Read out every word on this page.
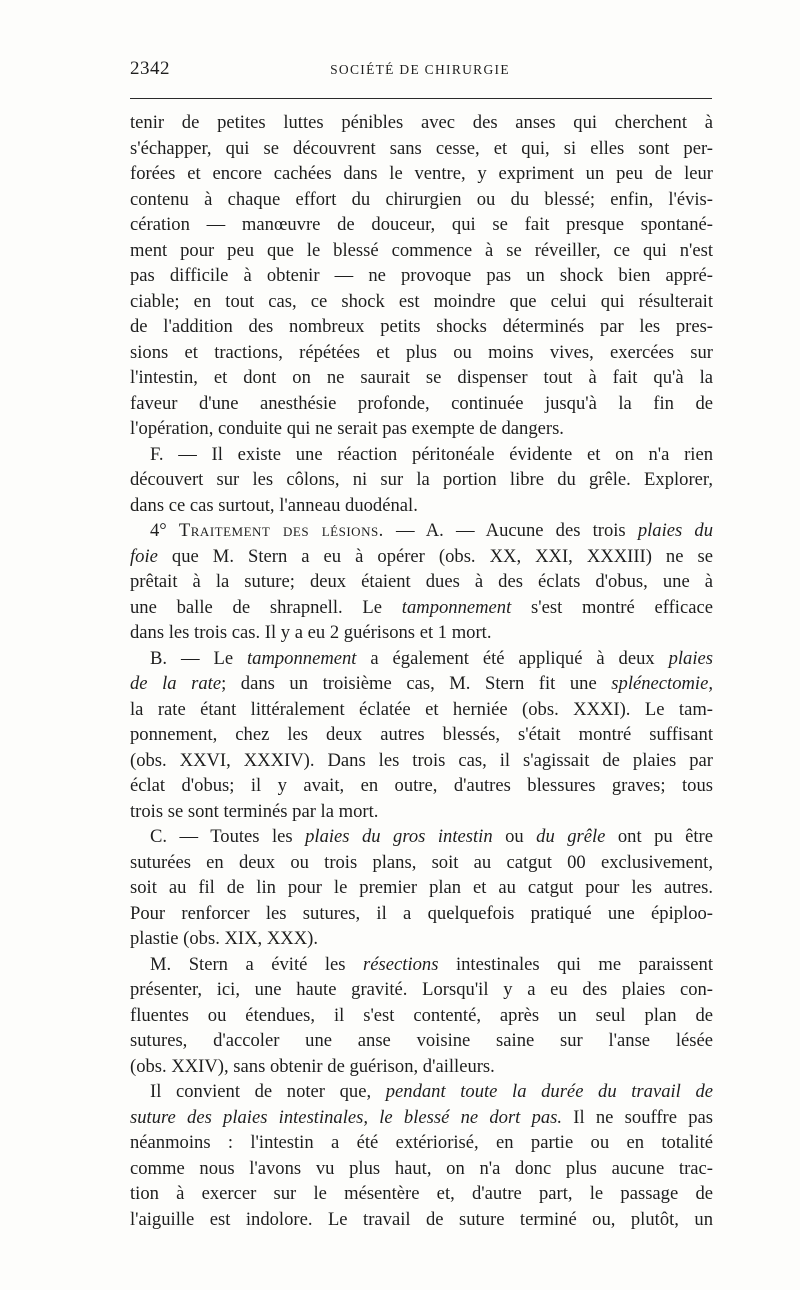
2342	SOCIÉTÉ DE CHIRURGIE
tenir de petites luttes pénibles avec des anses qui cherchent à
s'échapper, qui se découvrent sans cesse, et qui, si elles sont per-
forées et encore cachées dans le ventre, y expriment un peu de leur
contenu à chaque effort du chirurgien ou du blessé; enfin, l'évis-
cération — manœuvre de douceur, qui se fait presque spontané-
ment pour peu que le blessé commence à se réveiller, ce qui n'est
pas difficile à obtenir — ne provoque pas un shock bien appré-
ciable; en tout cas, ce shock est moindre que celui qui résulterait
de l'addition des nombreux petits shocks déterminés par les pres-
sions et tractions, répétées et plus ou moins vives, exercées sur
l'intestin, et dont on ne saurait se dispenser tout à fait qu'à la
faveur d'une anesthésie profonde, continuée jusqu'à la fin de
l'opération, conduite qui ne serait pas exempte de dangers.
F. — Il existe une réaction péritonéale évidente et on n'a rien
découvert sur les côlons, ni sur la portion libre du grêle. Explorer,
dans ce cas surtout, l'anneau duodénal.
4° Traitement des lésions. — A. — Aucune des trois plaies du
foie que M. Stern a eu à opérer (obs. XX, XXI, XXXIII) ne se
prêtait à la suture; deux étaient dues à des éclats d'obus, une à
une balle de shrapnell. Le tamponnement s'est montré efficace
dans les trois cas. Il y a eu 2 guérisons et 1 mort.
B. — Le tamponnement a également été appliqué à deux plaies
de la rate; dans un troisième cas, M. Stern fit une splénectomie,
la rate étant littéralement éclatée et herniée (obs. XXXI). Le tam-
ponnement, chez les deux autres blessés, s'était montré suffisant
(obs. XXVI, XXXIV). Dans les trois cas, il s'agissait de plaies par
éclat d'obus; il y avait, en outre, d'autres blessures graves; tous
trois se sont terminés par la mort.
C. — Toutes les plaies du gros intestin ou du grêle ont pu être
suturées en deux ou trois plans, soit au catgut 00 exclusivement,
soit au fil de lin pour le premier plan et au catgut pour les autres.
Pour renforcer les sutures, il a quelquefois pratiqué une épiploo-
plastie (obs. XIX, XXX).
M. Stern a évité les résections intestinales qui me paraissent
présenter, ici, une haute gravité. Lorsqu'il y a eu des plaies con-
fluentes ou étendues, il s'est contenté, après un seul plan de
sutures, d'accoler une anse voisine saine sur l'anse lésée
(obs. XXIV), sans obtenir de guérison, d'ailleurs.
Il convient de noter que, pendant toute la durée du travail de
suture des plaies intestinales, le blessé ne dort pas. Il ne souffre pas
néanmoins : l'intestin a été extériorisé, en partie ou en totalité
comme nous l'avons vu plus haut, on n'a donc plus aucune trac-
tion à exercer sur le mésentère et, d'autre part, le passage de
l'aiguille est indolore. Le travail de suture terminé ou, plutôt, un
